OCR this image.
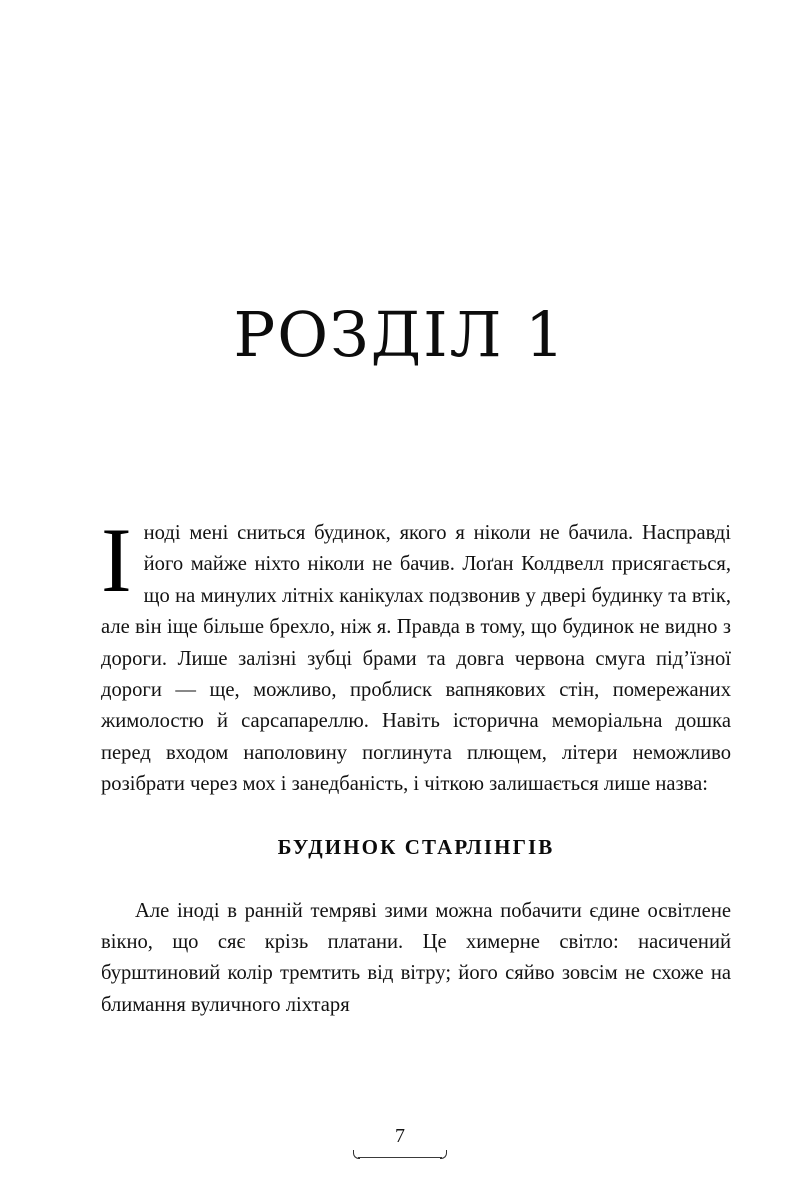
РОЗДІЛ 1

Іноді мені сниться будинок, якого я ніколи не бачила. Насправді його майже ніхто ніколи не бачив. Лоґан Колдвелл присягається, що на минулих літніх канікулах подзвонив у двері будинку та втік, але він іще більше брехло, ніж я. Правда в тому, що будинок не видно з дороги. Лише залізні зубці брами та довга червона смуга під’їзної дороги — ще, можливо, проблиск вапнякових стін, помережаних жимолостю й сарсапареллю. Навіть історична меморіальна дошка перед входом наполовину поглинута плющем, літери неможливо розібрати через мох і занедбаність, і чіткою залишається лише назва:

БУДИНОК СТАРЛІНГІВ

Але іноді в ранній темряві зими можна побачити єдине освітлене вікно, що сяє крізь платани. Це химерне світло: насичений бурштиновий колір тремтить від вітру; його сяйво зовсім не схоже на блимання вуличного ліхтаря

7
